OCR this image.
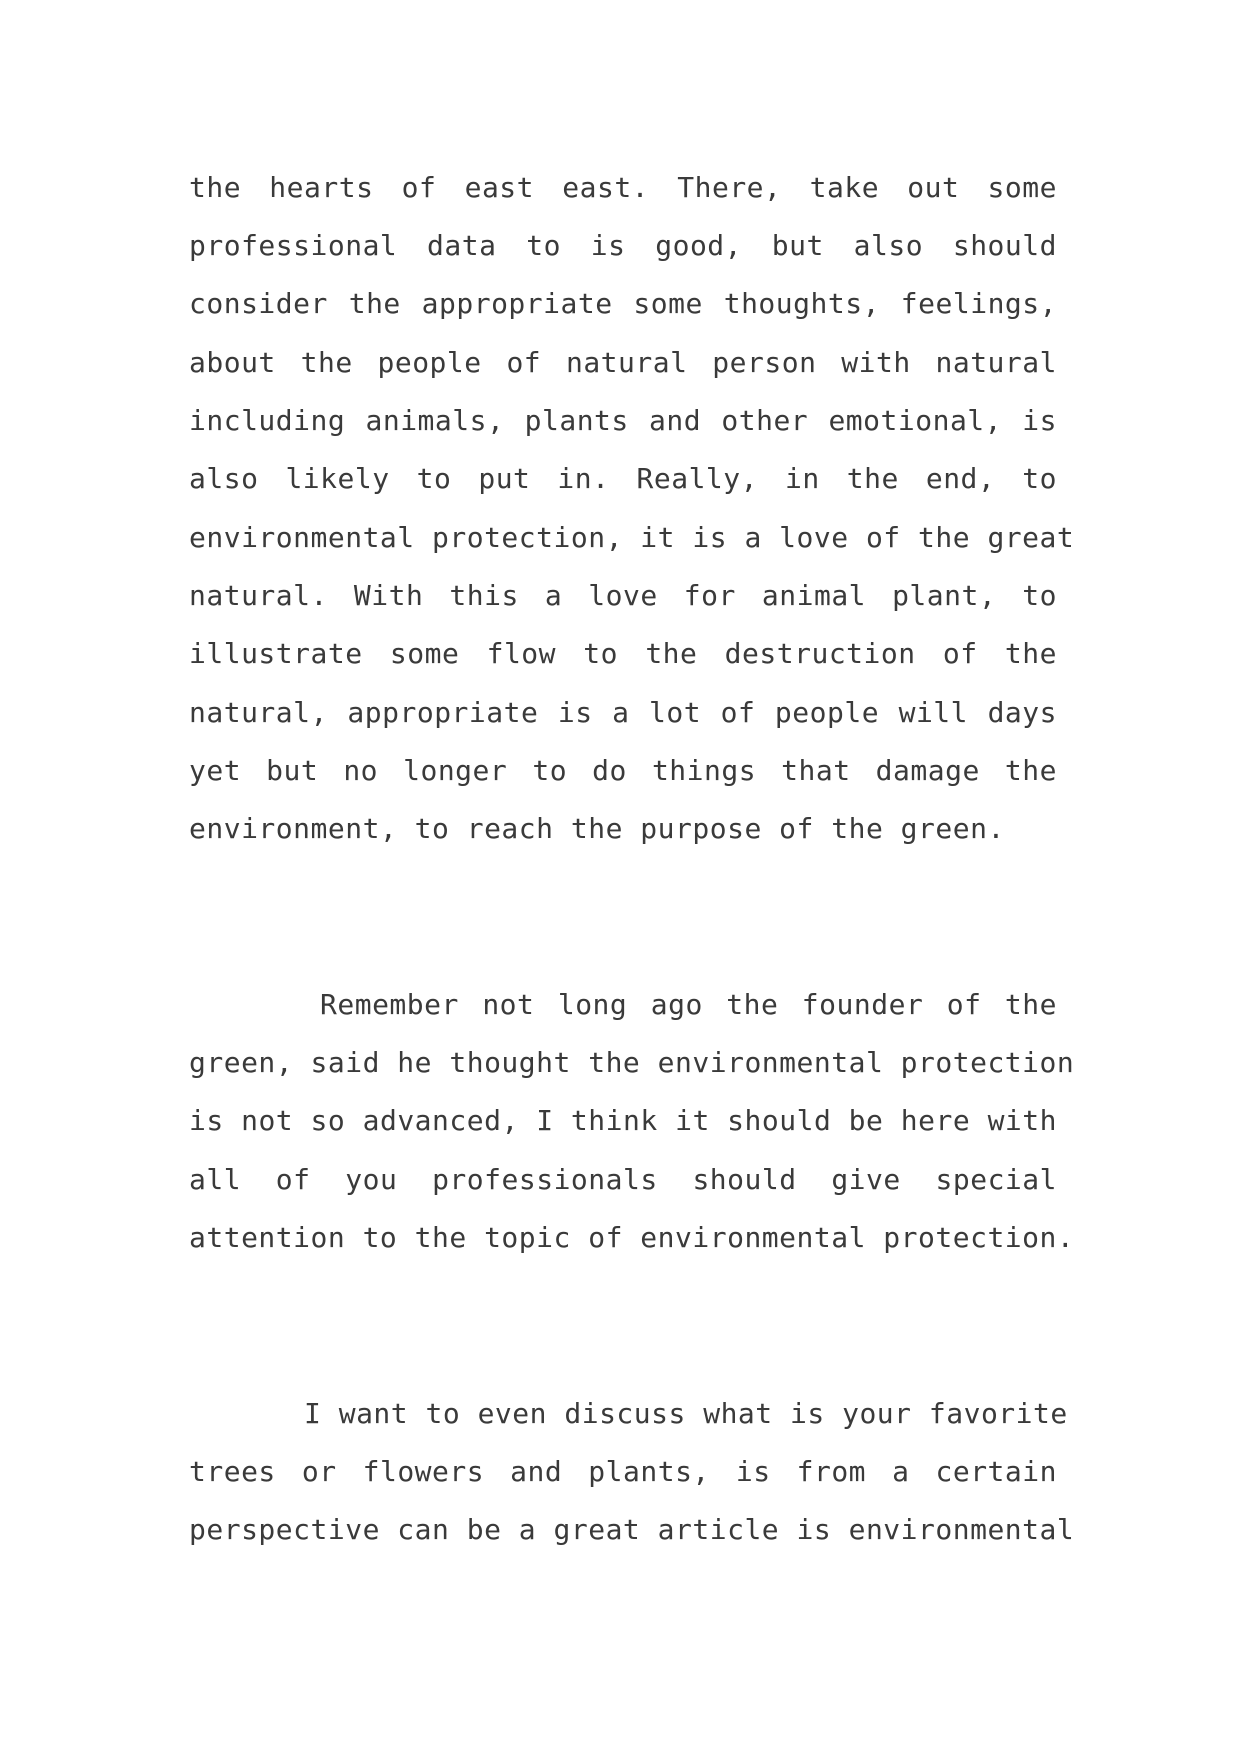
the hearts of east east. There, take out some
professional data to is good, but also should
consider the appropriate some thoughts, feelings,
about the people of natural person with natural
including animals, plants and other emotional, is
also likely to put in. Really, in the end, to
environmental protection, it is a love of the great
natural. With this a love for animal plant, to
illustrate some flow to the destruction of the
natural, appropriate is a lot of people will days
yet but no longer to do things that damage the
environment, to reach the purpose of the green.
Remember not long ago the founder of the
green, said he thought the environmental protection
is not so advanced, I think it should be here with
all of you professionals should give special
attention to the topic of environmental protection.
I want to even discuss what is your favorite
trees or flowers and plants, is from a certain
perspective can be a great article is environmental
